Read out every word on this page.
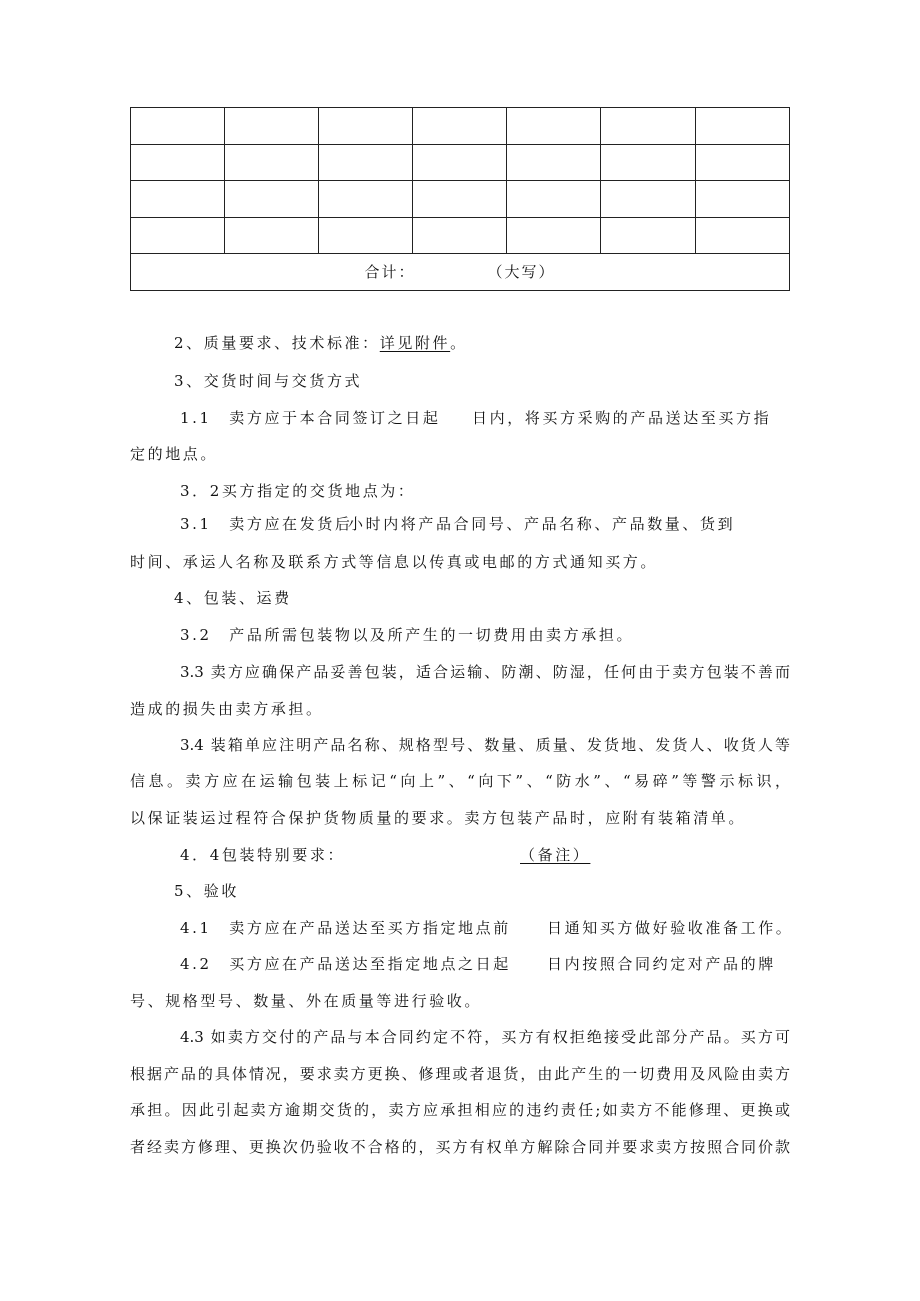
合计： （大写）						
2、质量要求、技术标准：详见附件。
3、交货时间与交货方式
1.1　卖方应于本合同签订之日起 日内，将买方采购的产品送达至买方指
定的地点。
3．2买方指定的交货地点为：
3.1　卖方应在发货后
小时内将产品合同号、产品名称、产品数量、货到
时间、承运人名称及联系方式等信息以传真或电邮的方式通知买方。
4、包装、运费
3.2　产品所需包装物以及所产生的一切费用由卖方承担。
3.3 卖方应确保产品妥善包装，适合运输、防潮、防湿，任何由于卖方包装不善而
造成的损失由卖方承担。
3.4 装箱单应注明产品名称、规格型号、数量、质量、发货地、发货人、收货人等
信息。卖方应在运输包装上标记“向上”、“向下”、“防水”、“易碎”等警示标识，
以保证装运过程符合保护货物质量的要求。卖方包装产品时，应附有装箱清单。
4．4包装特别要求：	（备注）
5、验收
4.1　卖方应在产品送达至买方指定地点前 日通知买方做好验收准备工作。
4.2　买方应在产品送达至指定地点之日起 日内按照合同约定对产品的牌
号、规格型号、数量、外在质量等进行验收。
4.3 如卖方交付的产品与本合同约定不符，买方有权拒绝接受此部分产品。买方可
根据产品的具体情况，要求卖方更换、修理或者退货，由此产生的一切费用及风险由卖方
承担。因此引起卖方逾期交货的，卖方应承担相应的违约责任;如卖方不能修理、更换或
者经卖方修理、更换次仍验收不合格的，买方有权单方解除合同并要求卖方按照合同价款
